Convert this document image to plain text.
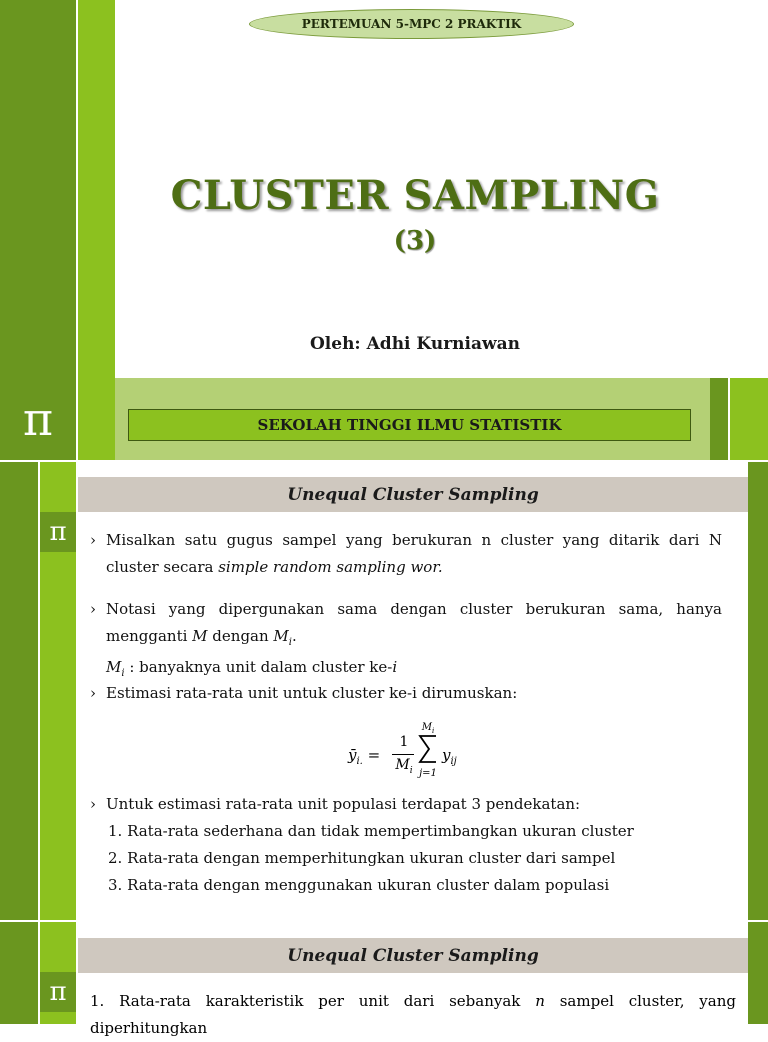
PERTEMUAN 5-MPC 2 PRAKTIK
CLUSTER SAMPLING
(3)
Oleh: Adhi Kurniawan
π	SEKOLAH TINGGI ILMU STATISTIK
π
Unequal Cluster Sampling
› Misalkan satu gugus sampel yang berukuran n cluster yang ditarik dari N cluster secara simple random sampling wor.
› Notasi yang dipergunakan sama dengan cluster berukuran sama, hanya mengganti M dengan $M_i$.
$M_i$ : banyaknya unit dalam cluster ke-i
› Estimasi rata-rata unit untuk cluster ke-i dirumuskan:
$ȳ_{i.}$ =
1
$M_i$
$M_i$
j=1
$y_{ij}$
› Untuk estimasi rata-rata unit populasi terdapat 3 pendekatan:
1. Rata-rata sederhana dan tidak mempertimbangkan ukuran cluster
2. Rata-rata dengan memperhitungkan ukuran cluster dari sampel
3. Rata-rata dengan menggunakan ukuran cluster dalam populasi
π
Unequal Cluster Sampling
1. Rata-rata karakteristik per unit dari sebanyak n sampel cluster, yang diperhitungkan
